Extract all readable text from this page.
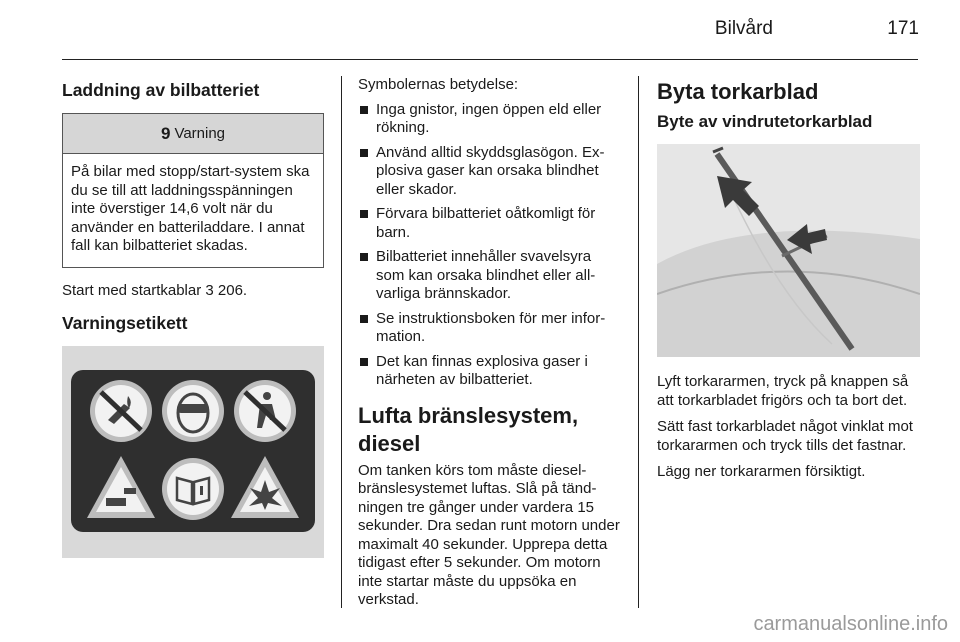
Bilvård	171
Laddning av bilbatteriet
9 Varning
På bilar med stopp/start-system ska du se till att laddningsspänningen inte överstiger 14,6 volt när du använder en batteriladdare. I annat fall kan bilbatteriet skadas.
Start med startkablar 3 206.
Varningsetikett
Symbolernas betydelse:
Inga gnistor, ingen öppen eld eller rökning.
Använd alltid skyddsglasögon. Explosiva gaser kan orsaka blindhet eller skador.
Förvara bilbatteriet oåtkomligt för barn.
Bilbatteriet innehåller svavelsyra som kan orsaka blindhet eller allvarliga brännskador.
Se instruktionsboken för mer information.
Det kan finnas explosiva gaser i närheten av bilbatteriet.
Lufta bränslesystem, diesel
Om tanken körs tom måste dieselbränslesystemet luftas. Slå på tändningen tre gånger under vardera 15 sekunder. Dra sedan runt motorn under maximalt 40 sekunder. Upprepa detta tidigast efter 5 sekunder. Om motorn inte startar måste du uppsöka en verkstad.
Byta torkarblad
Byte av vindrutetorkarblad
Lyft torkararmen, tryck på knappen så att torkarbladet frigörs och ta bort det.
Sätt fast torkarbladet något vinklat mot torkararmen och tryck tills det fastnar.
Lägg ner torkararmen försiktigt.
carmanualsonline.info
